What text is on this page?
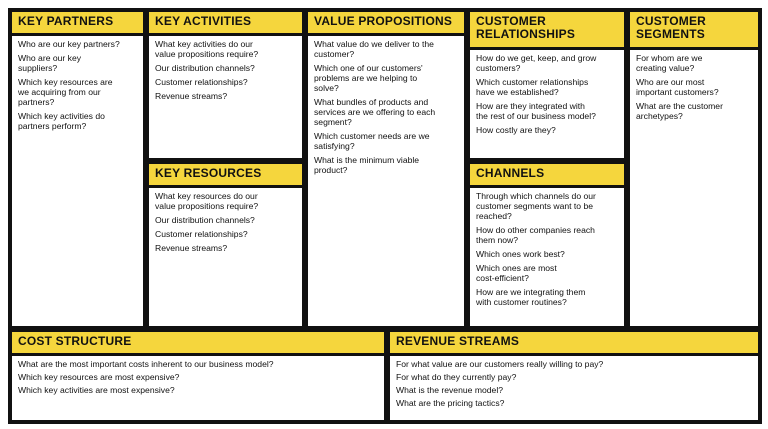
KEY PARTNERS

Who are our key partners?

Who are our key
suppliers?

Which key resources are
we acquiring from our
partners?

Which key activities do
partners perform?

KEY ACTIVITIES

What key activities do our
value propositions require?

Our distribution channels?

Customer relationships?

Revenue streams?

KEY RESOURCES

What key resources do our
value propositions require?

Our distribution channels?

Customer relationships?

Revenue streams?

VALUE PROPOSITIONS

What value do we deliver to the
customer?

Which one of our customers'
problems are we helping to
solve?

What bundles of products and
services are we offering to each
segment?

Which customer needs are we
satisfying?

What is the minimum viable
product?

CUSTOMER
RELATIONSHIPS

How do we get, keep, and grow
customers?

Which customer relationships
have we established?

How are they integrated with
the rest of our business model?

How costly are they?

CHANNELS

Through which channels do our
customer segments want to be
reached?

How do other companies reach
them now?

Which ones work best?

Which ones are most
cost-efficient?

How are we integrating them
with customer routines?

CUSTOMER
SEGMENTS

For whom are we
creating value?

Who are our most
important customers?

What are the customer
archetypes?

COST STRUCTURE

What are the most important costs inherent to our business model?

Which key resources are most expensive?

Which key activities are most expensive?

REVENUE STREAMS

For what value are our customers really willing to pay?

For what do they currently pay?

What is the revenue model?

What are the pricing tactics?
